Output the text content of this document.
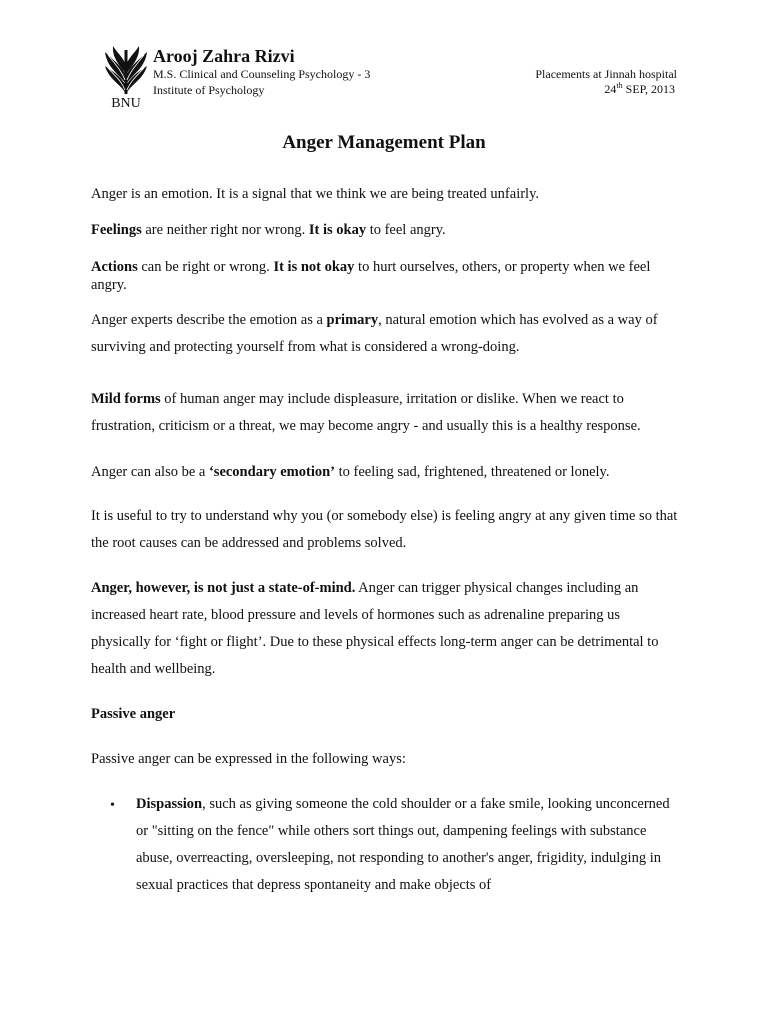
BNU
Arooj Zahra Rizvi
M.S. Clinical and Counseling Psychology - 3
Institute of Psychology
Placements at Jinnah hospital
24th SEP, 2013
Anger Management Plan
Anger is an emotion. It is a signal that we think we are being treated unfairly.
Feelings are neither right nor wrong. It is okay to feel angry.
Actions can be right or wrong. It is not okay to hurt ourselves, others, or property when we feel angry.
Anger experts describe the emotion as a primary, natural emotion which has evolved as a way of surviving and protecting yourself from what is considered a wrong-doing.
Mild forms of human anger may include displeasure, irritation or dislike. When we react to frustration, criticism or a threat, we may become angry - and usually this is a healthy response.
Anger can also be a ‘secondary emotion’ to feeling sad, frightened, threatened or lonely.
It is useful to try to understand why you (or somebody else) is feeling angry at any given time so that the root causes can be addressed and problems solved.
Anger, however, is not just a state-of-mind. Anger can trigger physical changes including an increased heart rate, blood pressure and levels of hormones such as adrenaline preparing us physically for ‘fight or flight’. Due to these physical effects long-term anger can be detrimental to health and wellbeing.
Passive anger
Passive anger can be expressed in the following ways:
• Dispassion, such as giving someone the cold shoulder or a fake smile, looking unconcerned or "sitting on the fence" while others sort things out, dampening feelings with substance abuse, overreacting, oversleeping, not responding to another's anger, frigidity, indulging in sexual practices that depress spontaneity and make objects of
